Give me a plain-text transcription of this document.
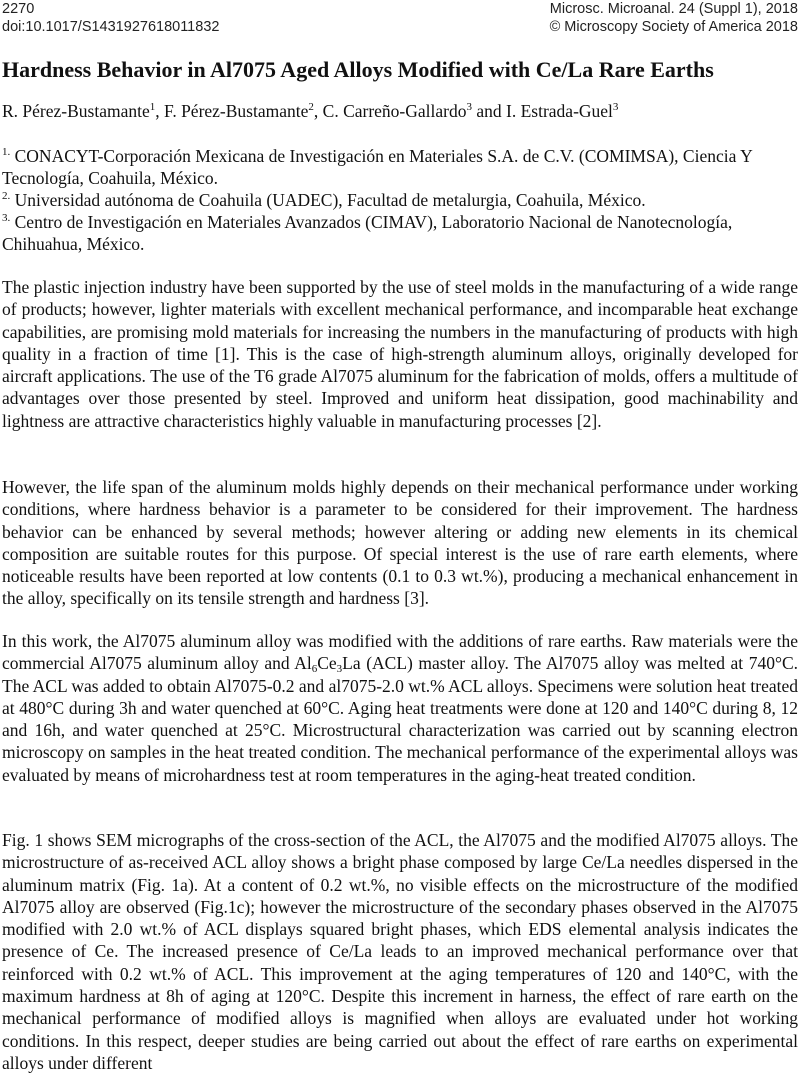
2270
doi:10.1017/S1431927618011832
Microsc. Microanal. 24 (Suppl 1), 2018
© Microscopy Society of America 2018
Hardness Behavior in Al7075 Aged Alloys Modified with Ce/La Rare Earths
R. Pérez-Bustamante$^1$, F. Pérez-Bustamante$^2$, C. Carreño-Gallardo$^3$ and I. Estrada-Guel$^3$
$^{1.}$ CONACYT-Corporación Mexicana de Investigación en Materiales S.A. de C.V. (COMIMSA), Ciencia Y Tecnología, Coahuila, México.
$^{2.}$ Universidad autónoma de Coahuila (UADEC), Facultad de metalurgia, Coahuila, México.
$^{3.}$ Centro de Investigación en Materiales Avanzados (CIMAV), Laboratorio Nacional de Nanotecnología, Chihuahua, México.
The plastic injection industry have been supported by the use of steel molds in the manufacturing of a wide range of products; however, lighter materials with excellent mechanical performance, and incomparable heat exchange capabilities, are promising mold materials for increasing the numbers in the manufacturing of products with high quality in a fraction of time [1]. This is the case of high-strength aluminum alloys, originally developed for aircraft applications. The use of the T6 grade Al7075 aluminum for the fabrication of molds, offers a multitude of advantages over those presented by steel. Improved and uniform heat dissipation, good machinability and lightness are attractive characteristics highly valuable in manufacturing processes [2].
However, the life span of the aluminum molds highly depends on their mechanical performance under working conditions, where hardness behavior is a parameter to be considered for their improvement. The hardness behavior can be enhanced by several methods; however altering or adding new elements in its chemical composition are suitable routes for this purpose. Of special interest is the use of rare earth elements, where noticeable results have been reported at low contents (0.1 to 0.3 wt.%), producing a mechanical enhancement in the alloy, specifically on its tensile strength and hardness [3].
In this work, the Al7075 aluminum alloy was modified with the additions of rare earths. Raw materials were the commercial Al7075 aluminum alloy and $Al_6Ce_3La$ (ACL) master alloy. The Al7075 alloy was melted at 740°C. The ACL was added to obtain Al7075-0.2 and al7075-2.0 wt.% ACL alloys. Specimens were solution heat treated at 480°C during 3h and water quenched at 60°C. Aging heat treatments were done at 120 and 140°C during 8, 12 and 16h, and water quenched at 25°C. Microstructural characterization was carried out by scanning electron microscopy on samples in the heat treated condition. The mechanical performance of the experimental alloys was evaluated by means of microhardness test at room temperatures in the aging-heat treated condition.
Fig. 1 shows SEM micrographs of the cross-section of the ACL, the Al7075 and the modified Al7075 alloys. The microstructure of as-received ACL alloy shows a bright phase composed by large Ce/La needles dispersed in the aluminum matrix (Fig. 1a). At a content of 0.2 wt.%, no visible effects on the microstructure of the modified Al7075 alloy are observed (Fig.1c); however the microstructure of the secondary phases observed in the Al7075 modified with 2.0 wt.% of ACL displays squared bright phases, which EDS elemental analysis indicates the presence of Ce. The increased presence of Ce/La leads to an improved mechanical performance over that reinforced with 0.2 wt.% of ACL. This improvement at the aging temperatures of 120 and 140°C, with the maximum hardness at 8h of aging at 120°C. Despite this increment in harness, the effect of rare earth on the mechanical performance of modified alloys is magnified when alloys are evaluated under hot working conditions. In this respect, deeper studies are being carried out about the effect of rare earths on experimental alloys under different
